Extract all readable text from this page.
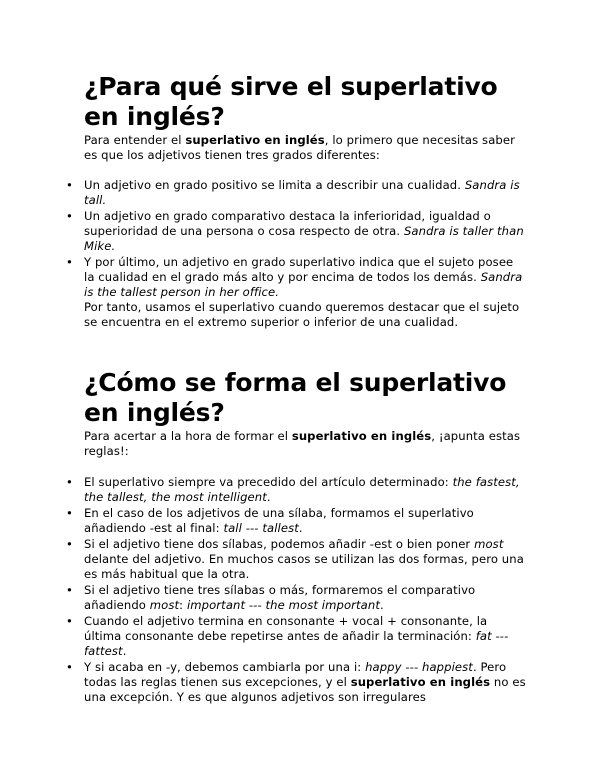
¿Para qué sirve el superlativo en inglés?

Para entender el superlativo en inglés, lo primero que necesitas saber es que los adjetivos tienen tres grados diferentes:

• Un adjetivo en grado positivo se limita a describir una cualidad. Sandra is tall.
• Un adjetivo en grado comparativo destaca la inferioridad, igualdad o superioridad de una persona o cosa respecto de otra. Sandra is taller than Mike.
• Y por último, un adjetivo en grado superlativo indica que el sujeto posee la cualidad en el grado más alto y por encima de todos los demás. Sandra is the tallest person in her office.
Por tanto, usamos el superlativo cuando queremos destacar que el sujeto se encuentra en el extremo superior o inferior de una cualidad.
¿Cómo se forma el superlativo en inglés?

Para acertar a la hora de formar el superlativo en inglés, ¡apunta estas reglas!:

• El superlativo siempre va precedido del artículo determinado: the fastest, the tallest, the most intelligent.
• En el caso de los adjetivos de una sílaba, formamos el superlativo añadiendo -est al final: tall --- tallest.
• Si el adjetivo tiene dos sílabas, podemos añadir -est o bien poner most delante del adjetivo. En muchos casos se utilizan las dos formas, pero una es más habitual que la otra.
• Si el adjetivo tiene tres sílabas o más, formaremos el comparativo añadiendo most: important --- the most important.
• Cuando el adjetivo termina en consonante + vocal + consonante, la última consonante debe repetirse antes de añadir la terminación: fat --- fattest.
• Y si acaba en -y, debemos cambiarla por una i: happy --- happiest. Pero todas las reglas tienen sus excepciones, y el superlativo en inglés no es una excepción. Y es que algunos adjetivos son irregulares
